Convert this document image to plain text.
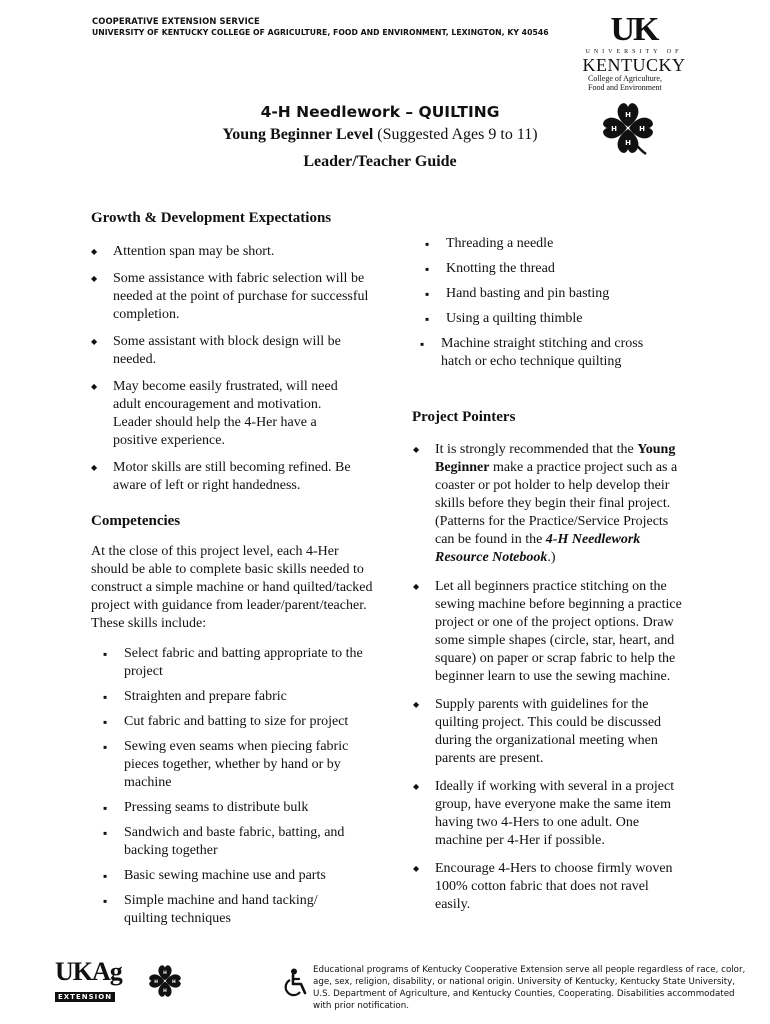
COOPERATIVE EXTENSION SERVICE
UNIVERSITY OF KENTUCKY COLLEGE OF AGRICULTURE, FOOD AND ENVIRONMENT, LEXINGTON, KY 40546	UK
UNIVERSITY OF
KENTUCKY
College of Agriculture,
Food and Environment
H
H
H
H
4-H Needlework – QUILTING
Young Beginner Level (Suggested Ages 9 to 11)
Leader/Teacher Guide
Growth & Development Expectations
◆ Attention span may be short.
◆ Some assistance with fabric selection will be needed at the point of purchase for successful completion.
◆ Some assistant with block design will be needed.
◆ May become easily frustrated, will need adult encouragement and motivation. Leader should help the 4-Her have a positive experience.
◆ Motor skills are still becoming refined. Be aware of left or right handedness.
Competencies
At the close of this project level, each 4-Her should be able to complete basic skills needed to construct a simple machine or hand quilted/tacked project with guidance from leader/parent/teacher. These skills include:
▪ Select fabric and batting appropriate to the project
▪ Straighten and prepare fabric
▪ Cut fabric and batting to size for project
▪ Sewing even seams when piecing fabric pieces together, whether by hand or by machine
▪ Pressing seams to distribute bulk
▪ Sandwich and baste fabric, batting, and backing together
▪ Basic sewing machine use and parts
▪ Simple machine and hand tacking/ quilting techniques
▪ Threading a needle
▪ Knotting the thread
▪ Hand basting and pin basting
▪ Using a quilting thimble
▪ Machine straight stitching and cross hatch or echo technique quilting
Project Pointers
◆ It is strongly recommended that the Young Beginner make a practice project such as a coaster or pot holder to help develop their skills before they begin their final project. (Patterns for the Practice/Service Projects can be found in the 4-H Needlework Resource Notebook.)
◆ Let all beginners practice stitching on the sewing machine before beginning a practice project or one of the project options. Draw some simple shapes (circle, star, heart, and square) on paper or scrap fabric to help the beginner learn to use the sewing machine.
◆ Supply parents with guidelines for the quilting project. This could be discussed during the organizational meeting when parents are present.
◆ Ideally if working with several in a project group, have everyone make the same item having two 4-Hers to one adult. One machine per 4-Her if possible.
◆ Encourage 4-Hers to choose firmly woven 100% cotton fabric that does not ravel easily.
UKAg
EXTENSION
H
H
H
H
Educational programs of Kentucky Cooperative Extension serve all people regardless of race, color, age, sex, religion, disability, or national origin. University of Kentucky, Kentucky State University, U.S. Department of Agriculture, and Kentucky Counties, Cooperating. Disabilities accommodated with prior notification.
